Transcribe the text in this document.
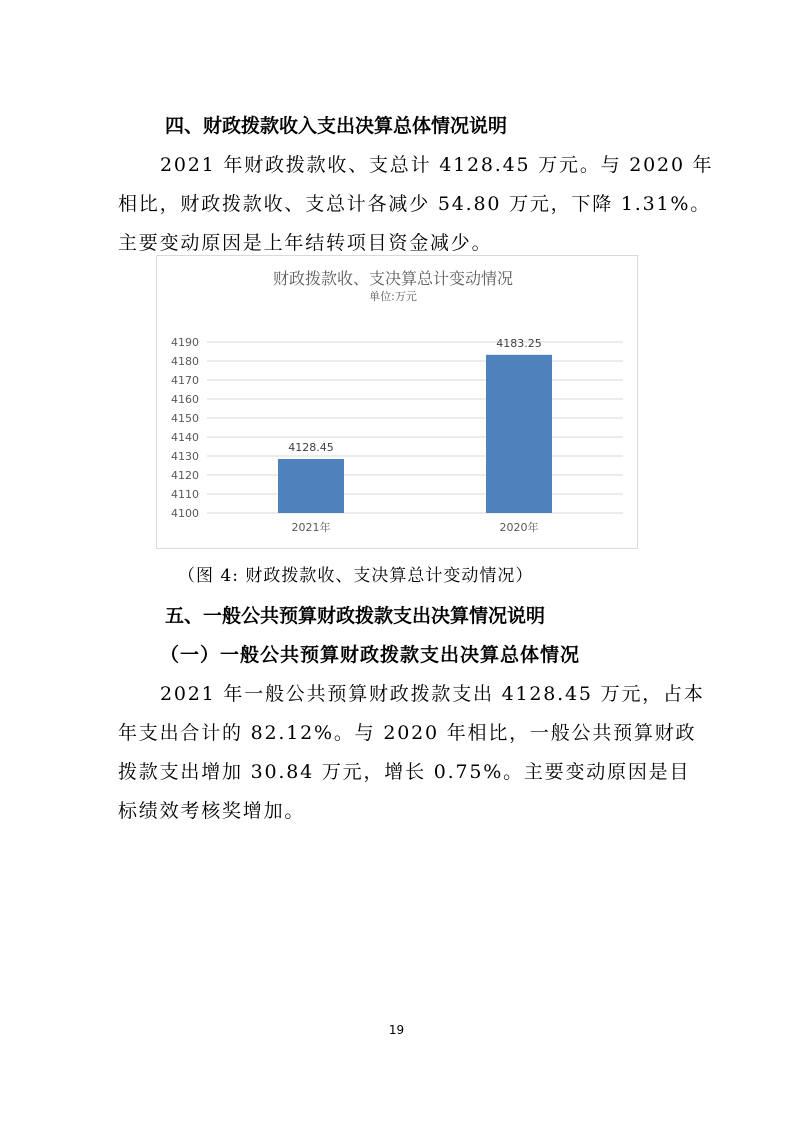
四、财政拨款收入支出决算总体情况说明
2021 年财政拨款收、支总计 4128.45 万元。与 2020 年
相比，财政拨款收、支总计各减少 54.80 万元，下降 1.31%。
主要变动原因是上年结转项目资金减少。
财政拨款收、支决算总计变动情况
单位:万元
4100
4110
4120
4130
4140
4150
4160
4170
4180
4190
4128.45
4183.25
2021年	2020年
（图 4: 财政拨款收、支决算总计变动情况）
五、一般公共预算财政拨款支出决算情况说明
（一）一般公共预算财政拨款支出决算总体情况
2021 年一般公共预算财政拨款支出 4128.45 万元，占本
年支出合计的 82.12%。与 2020 年相比，一般公共预算财政
拨款支出增加 30.84 万元，增长 0.75%。主要变动原因是目
标绩效考核奖增加。
19
